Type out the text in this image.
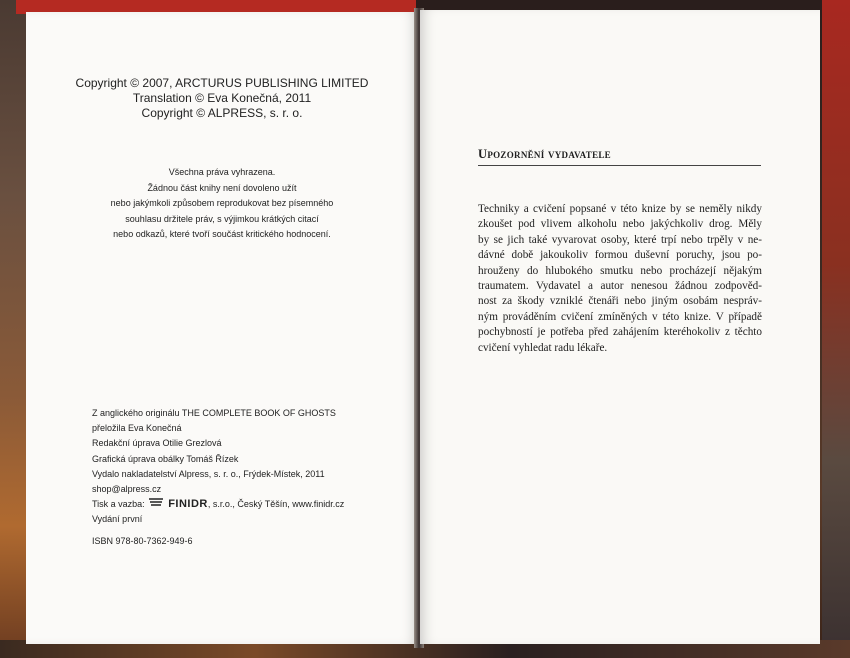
Copyright © 2007, ARCTURUS PUBLISHING LIMITED
Translation © Eva Konečná, 2011
Copyright © ALPRESS, s. r. o.
Všechna práva vyhrazena.
Žádnou část knihy není dovoleno užít
nebo jakýmkoli způsobem reprodukovat bez písemného
souhlasu držitele práv, s výjimkou krátkých citací
nebo odkazů, které tvoří součást kritického hodnocení.
Z anglického originálu THE COMPLETE BOOK OF GHOSTS
přeložila Eva Konečná
Redakční úprava Otilie Grezlová
Grafická úprava obálky Tomáš Řízek
Vydalo nakladatelství Alpress, s. r. o., Frýdek-Místek, 2011
shop@alpress.cz
Tisk a vazba: FINIDR, s.r.o., Český Těšín, www.finidr.cz
Vydání první
ISBN 978-80-7362-949-6
Upozornění vydavatele
Techniky a cvičení popsané v této knize by se neměly nikdy
zkoušet pod vlivem alkoholu nebo jakýchkoliv drog. Měly
by se jich také vyvarovat osoby, které trpí nebo trpěly v ne-
dávné době jakoukoliv formou duševní poruchy, jsou po-
hrouženy do hlubokého smutku nebo procházejí nějakým
traumatem. Vydavatel a autor nenesou žádnou zodpověd-
nost za škody vzniklé čtenáři nebo jiným osobám nespráv-
ným prováděním cvičení zmíněných v této knize. V případě
pochybností je potřeba před zahájením kteréhokoliv z těchto
cvičení vyhledat radu lékaře.
